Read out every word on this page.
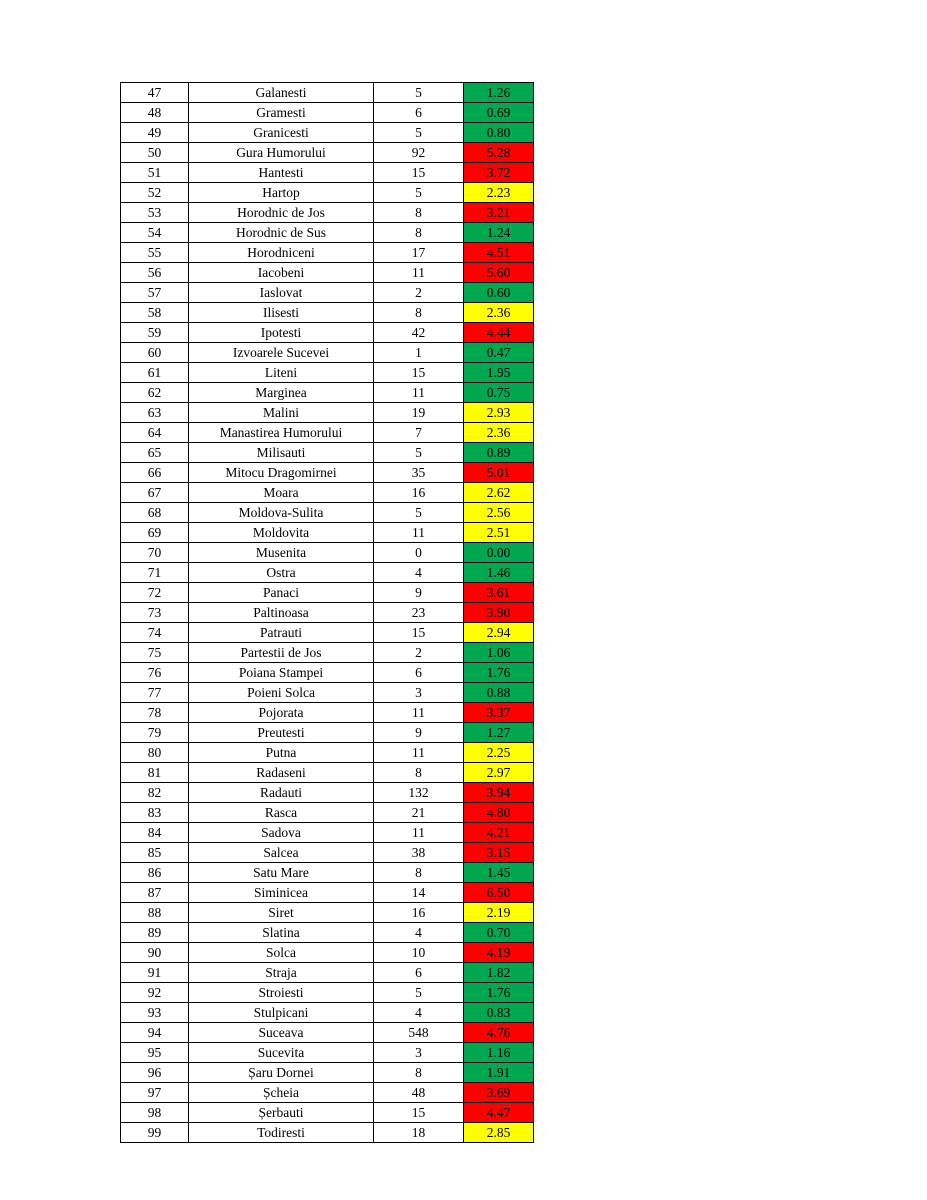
47	Galanesti	5	1.26
48	Gramesti	6	0.69
49	Granicesti	5	0.80
50	Gura Humorului	92	5.28
51	Hantesti	15	3.72
52	Hartop	5	2.23
53	Horodnic de Jos	8	3.21
54	Horodnic de Sus	8	1.24
55	Horodniceni	17	4.51
56	Iacobeni	11	5.60
57	Iaslovat	2	0.60
58	Ilisesti	8	2.36
59	Ipotesti	42	4.44
60	Izvoarele Sucevei	1	0.47
61	Liteni	15	1.95
62	Marginea	11	0.75
63	Malini	19	2.93
64	Manastirea Humorului	7	2.36
65	Milisauti	5	0.89
66	Mitocu Dragomirnei	35	5.01
67	Moara	16	2.62
68	Moldova-Sulita	5	2.56
69	Moldovita	11	2.51
70	Musenita	0	0.00
71	Ostra	4	1.46
72	Panaci	9	3.61
73	Paltinoasa	23	3.90
74	Patrauti	15	2.94
75	Partestii de Jos	2	1.06
76	Poiana Stampei	6	1.76
77	Poieni Solca	3	0.88
78	Pojorata	11	3.37
79	Preutesti	9	1.27
80	Putna	11	2.25
81	Radaseni	8	2.97
82	Radauti	132	3.94
83	Rasca	21	4.80
84	Sadova	11	4.21
85	Salcea	38	3.15
86	Satu Mare	8	1.45
87	Siminicea	14	6.50
88	Siret	16	2.19
89	Slatina	4	0.70
90	Solca	10	4.19
91	Straja	6	1.82
92	Stroiesti	5	1.76
93	Stulpicani	4	0.83
94	Suceava	548	4.76
95	Sucevita	3	1.16
96	Șaru Dornei	8	1.91
97	Șcheia	48	3.69
98	Șerbauti	15	4.47
99	Todiresti	18	2.85
